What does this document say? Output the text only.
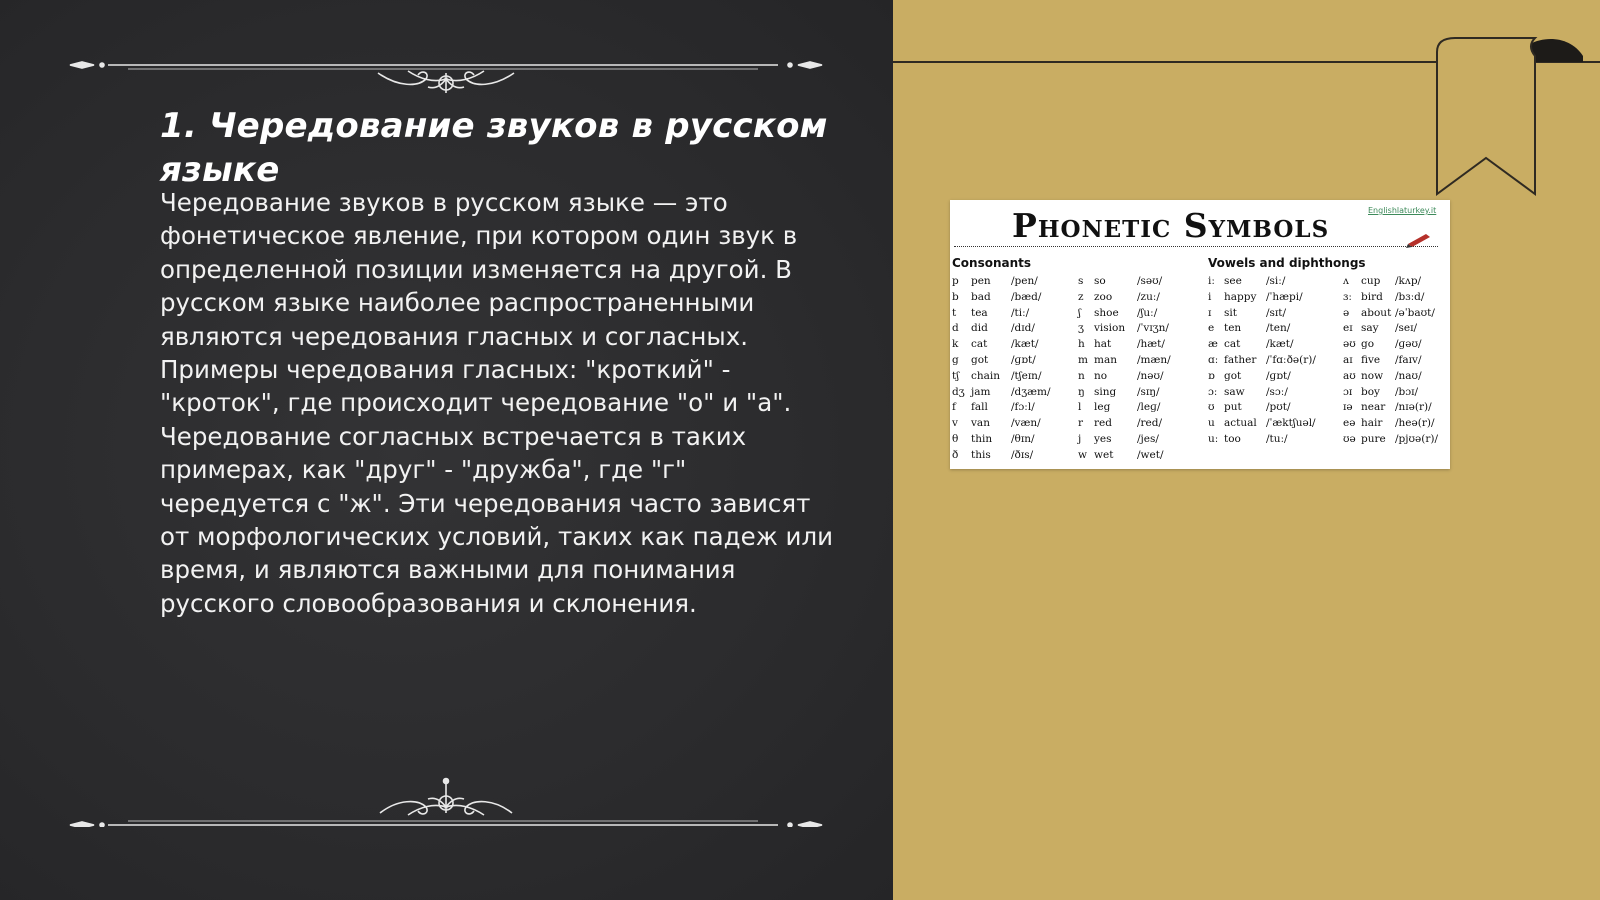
1. Чередование звуков в русском языке

Чередование звуков в русском языке — это фонетическое явление, при котором один звук в определенной позиции изменяется на другой. В русском языке наиболее распространенными являются чередования гласных и согласных. Примеры чередования гласных: "кроткий" - "кроток", где происходит чередование "о" и "а". Чередование согласных встречается в таких примерах, как "друг" - "дружба", где "г" чередуется с "ж". Эти чередования часто зависят от морфологических условий, таких как падеж или время, и являются важными для понимания русского словообразования и склонения.

Phonetic Symbols	Englishlaturkey.it
Consonants	Vowels and diphthongs
p pen /pen/
b bad /bæd/
t tea /tiː/
d did /dɪd/
k cat /kæt/
g got /ɡɒt/
tʃ chain /tʃeɪn/
dʒ jam /dʒæm/
f fall /fɔːl/
v van /væn/
θ thin /θɪn/
ð this /ðɪs/
s so	/səʊ/
z zoo /zuː/
ʃ shoe /ʃuː/
ʒ vision /ˈvɪʒn/
h hat /hæt/
m man /mæn/
n no	/nəʊ/
ŋ sing /sɪŋ/
l leg	/leɡ/
r red /red/
j yes /jes/
w wet /wet/
iː see /siː/
i happy /ˈhæpi/
ɪ sit	/sɪt/
e ten /ten/
æ cat /kæt/
ɑː father /ˈfɑːðə(r)/
ɒ got /ɡɒt/
ɔː saw /sɔː/
ʊ put /pʊt/
u actual /ˈæktʃuəl/
uː too /tuː/
ʌ cup /kʌp/
ɜː bird /bɜːd/
ə about /əˈbaʊt/
eɪ say /seɪ/
əʊ go /ɡəʊ/
aɪ five /faɪv/
aʊ now /naʊ/
ɔɪ boy /bɔɪ/
ɪə near /nɪə(r)/
eə hair /heə(r)/
ʊə pure /pjʊə(r)/
